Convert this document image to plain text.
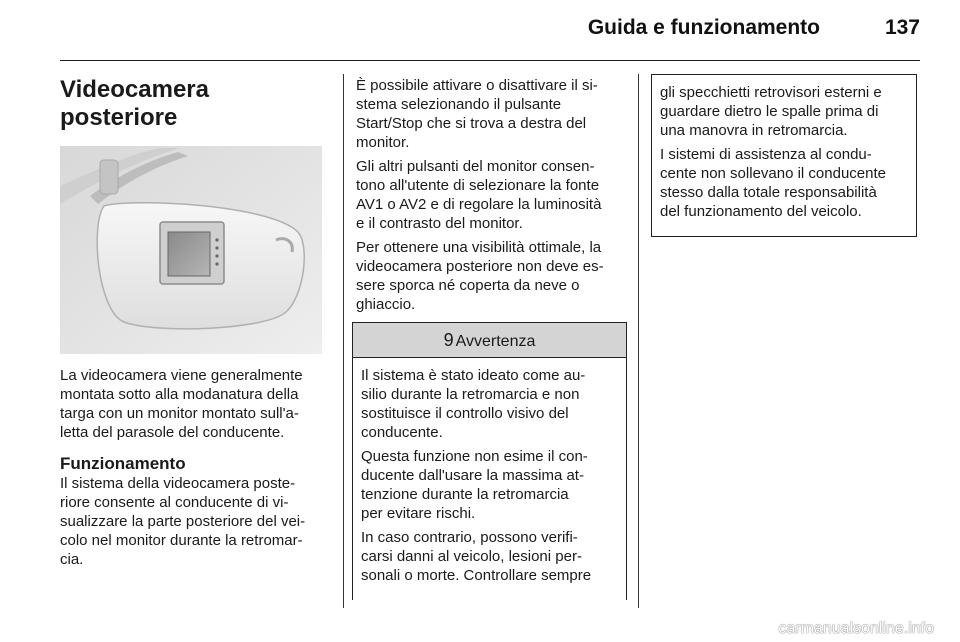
Guida e funzionamento	137
Videocamera posteriore

La videocamera viene generalmente
montata sotto alla modanatura della
targa con un monitor montato sull'a-
letta del parasole del conducente.

Funzionamento

Il sistema della videocamera poste-
riore consente al conducente di vi-
sualizzare la parte posteriore del vei-
colo nel monitor durante la retromar-
cia.

È possibile attivare o disattivare il si-
stema selezionando il pulsante
Start/Stop che si trova a destra del
monitor.

Gli altri pulsanti del monitor consen-
tono all'utente di selezionare la fonte
AV1 o AV2 e di regolare la luminosità
e il contrasto del monitor.

Per ottenere una visibilità ottimale, la
videocamera posteriore non deve es-
sere sporca né coperta da neve o
ghiaccio.

9 Avvertenza

Il sistema è stato ideato come au-
silio durante la retromarcia e non
sostituisce il controllo visivo del
conducente.

Questa funzione non esime il con-
ducente dall'usare la massima at-
tenzione durante la retromarcia
per evitare rischi.

In caso contrario, possono verifi-
carsi danni al veicolo, lesioni per-
sonali o morte. Controllare sempre

gli specchietti retrovisori esterni e
guardare dietro le spalle prima di
una manovra in retromarcia.

I sistemi di assistenza al condu-
cente non sollevano il conducente
stesso dalla totale responsabilità
del funzionamento del veicolo.

carmanualsonline.info
